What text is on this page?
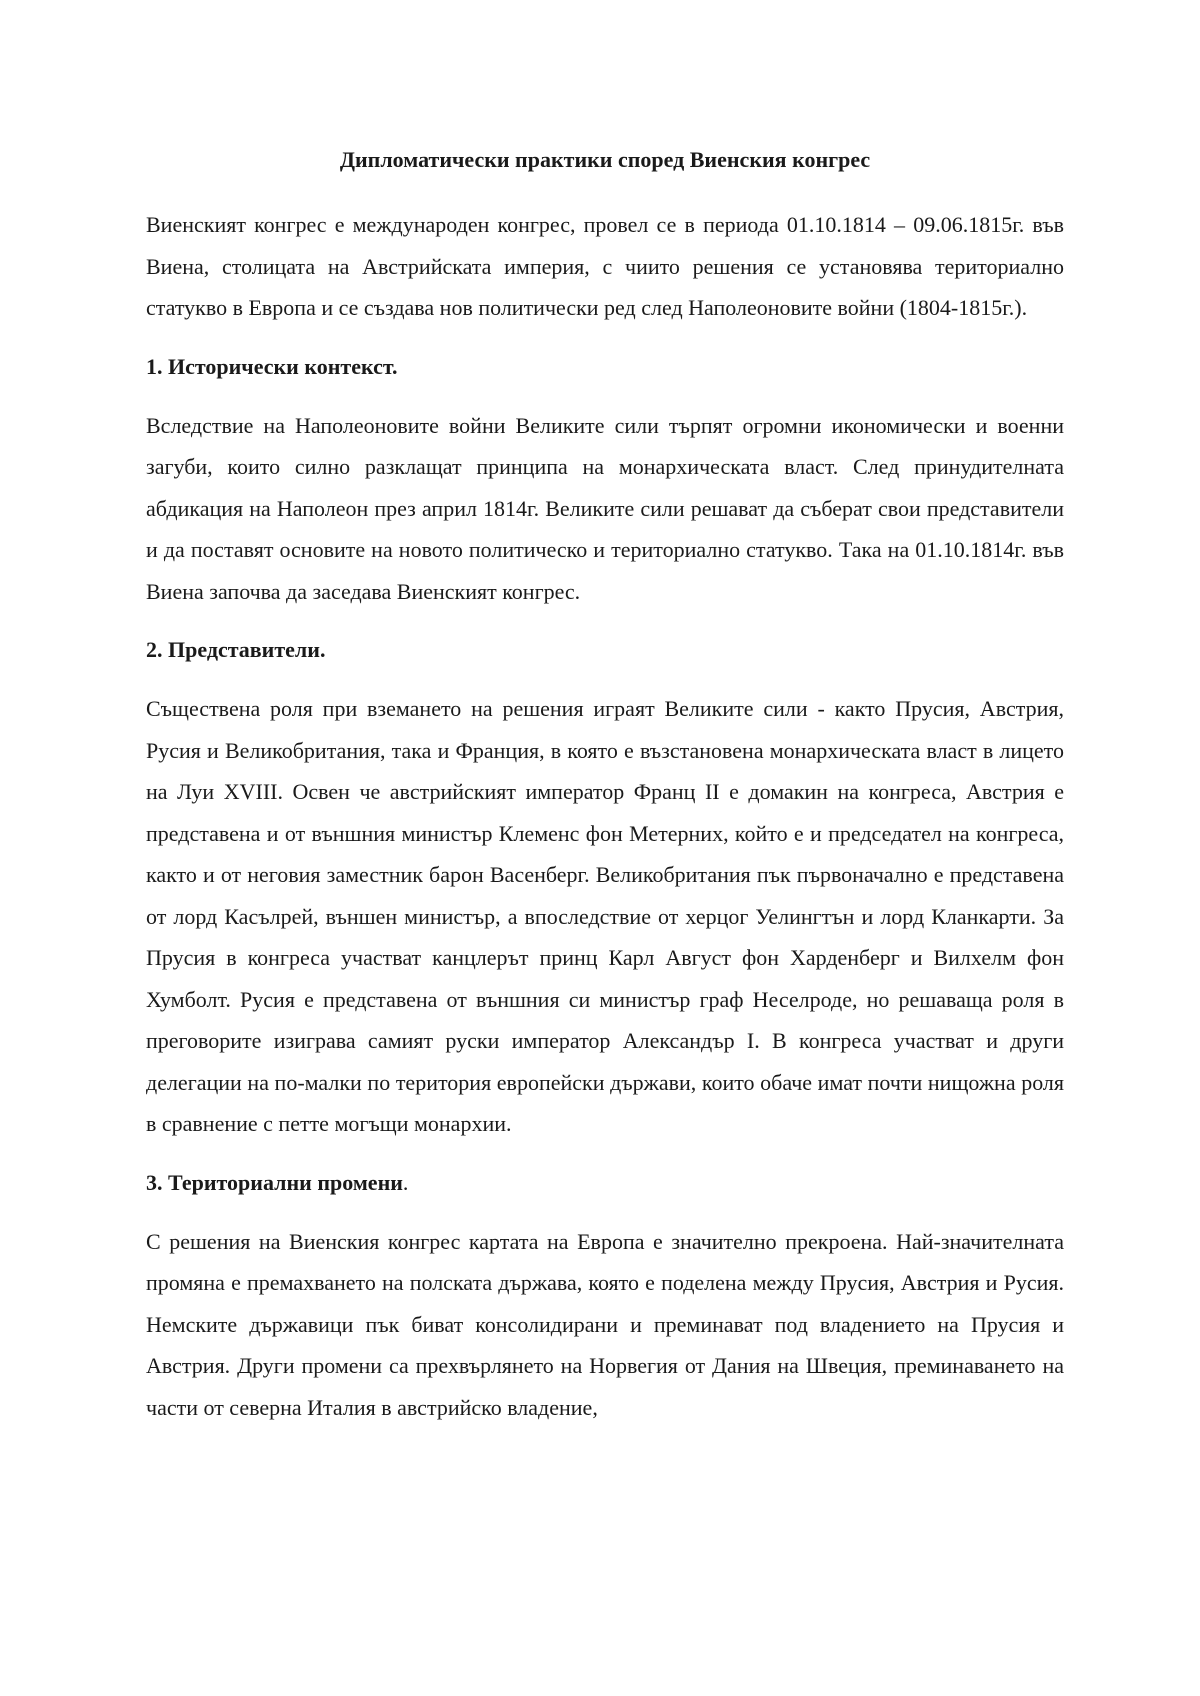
Дипломатически практики според Виенския конгрес

Виенският конгрес е международен конгрес, провел се в периода 01.10.1814 – 09.06.1815г. във Виена, столицата на Австрийската империя, с чиито решения се установява териториално статукво в Европа и се създава нов политически ред след Наполеоновите войни (1804-1815г.).

1. Исторически контекст.

Вследствие на Наполеоновите войни Великите сили търпят огромни икономически и военни загуби, които силно разклащат принципа на монархическата власт. След принудителната абдикация на Наполеон през април 1814г. Великите сили решават да съберат свои представители и да поставят основите на новото политическо и териториално статукво. Така на 01.10.1814г. във Виена започва да заседава Виенският конгрес.

2. Представители.

Съществена роля при вземането на решения играят Великите сили - както Прусия, Австрия, Русия и Великобритания, така и Франция, в която е възстановена монархическата власт в лицето на Луи XVIII. Освен че австрийският император Франц II е домакин на конгреса, Австрия е представена и от външния министър Клеменс фон Метерних, който е и председател на конгреса, както и от неговия заместник барон Васенберг. Великобритания пък първоначално е представена от лорд Касълрей, външен министър, а впоследствие от херцог Уелингтън и лорд Кланкарти. За Прусия в конгреса участват канцлерът принц Карл Август фон Харденберг и Вилхелм фон Хумболт. Русия е представена от външния си министър граф Неселроде, но решаваща роля в преговорите изиграва самият руски император Александър I. В конгреса участват и други делегации на по-малки по територия европейски държави, които обаче имат почти нищожна роля в сравнение с петте могъщи монархии.

3. Териториални промени.

С решения на Виенския конгрес картата на Европа е значително прекроена. Най-значителната промяна е премахването на полската държава, която е поделена между Прусия, Австрия и Русия. Немските държавици пък биват консолидирани и преминават под владението на Прусия и Австрия. Други промени са прехвърлянето на Норвегия от Дания на Швеция, преминаването на части от северна Италия в австрийско владение,
